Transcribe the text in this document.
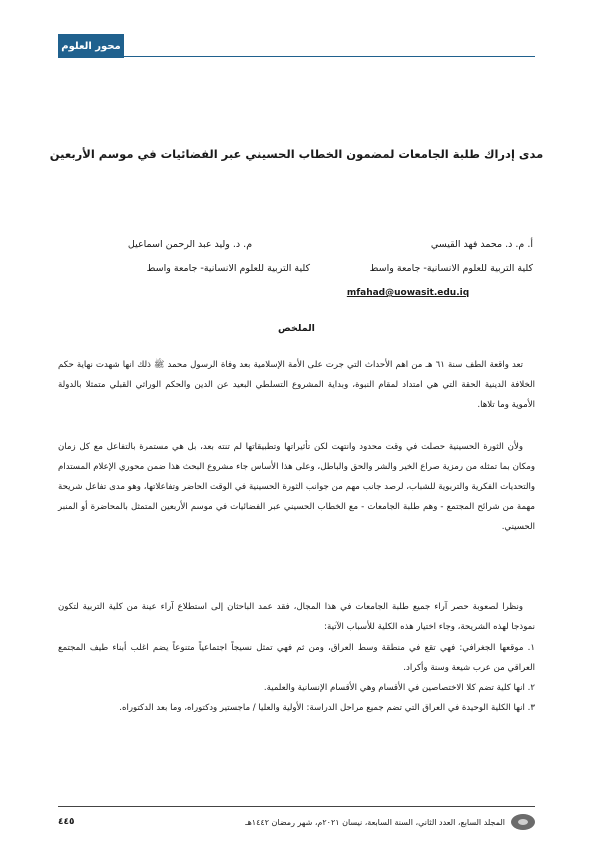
محور العلوم
مدى إدراك طلبة الجامعات لمضمون الخطاب الحسيني عبر الفضائيات في موسم الأربعين
أ. م. د. محمد فهد القيسي
كلية التربية للعلوم الانسانية- جامعة واسط
mfahad@uowasit.edu.iq
م. د. وليد عبد الرحمن اسماعيل
كلية التربية للعلوم الانسانية- جامعة واسط
الملخص

تعد واقعة الطف سنة ٦١ هـ من اهم الأحداث التي جرت على الأمة الإسلامية بعد وفاة الرسول محمد ﷺ ذلك انها شهدت نهاية حكم الخلافة الدينية الحقة التي هي امتداد لمقام النبوة، وبداية المشروع التسلطي البعيد عن الدين والحكم الوراثي القبلي متمثلا بالدولة الأموية وما تلاها.

ولأن الثورة الحسينية حصلت في وقت محدود وانتهت لكن تأثيراتها وتطبيقاتها لم تنته بعد، بل هي مستمرة بالتفاعل مع كل زمان ومكان بما تمثله من رمزية صراع الخير والشر والحق والباطل، وعلى هذا الأساس جاء مشروع البحث هذا ضمن محوري الإعلام المستدام والتحديات الفكرية والتربوية للشباب، لرصد جانب مهم من جوانب الثورة الحسينية في الوقت الحاضر وتفاعلاتها، وهو مدى تفاعل شريحة مهمة من شرائح المجتمع - وهم طلبة الجامعات - مع الخطاب الحسيني عبر الفضائيات في موسم الأربعين المتمثل بالمحاضرة أو المنبر الحسيني.

ونظرا لصعوبة حصر آراء جميع طلبة الجامعات في هذا المجال، فقد عمد الباحثان إلى استطلاع آراء عينة من كلية التربية لتكون نموذجا لهذه الشريحة، وجاء اختيار هذه الكلية للأسباب الآتية:

١. موقعها الجغرافي: فهي تقع في منطقة وسط العراق، ومن ثم فهي تمثل نسيجاً اجتماعياً متنوعاً يضم اغلب أبناء طيف المجتمع العراقي من عرب شيعة وسنة وأكراد.

٢. انها كلية تضم كلا الاختصاصين في الأقسام وهي الأقسام الإنسانية والعلمية.

٣. انها الكلية الوحيدة في العراق التي تضم جميع مراحل الدراسة: الأولية والعليا / ماجستير ودكتوراه، وما بعد الدكتوراه.

المجلد السابع، العدد الثاني، السنة السابعة، نيسان ٢٠٢١م، شهر رمضان ١٤٤٢هـ
٤٤٥
